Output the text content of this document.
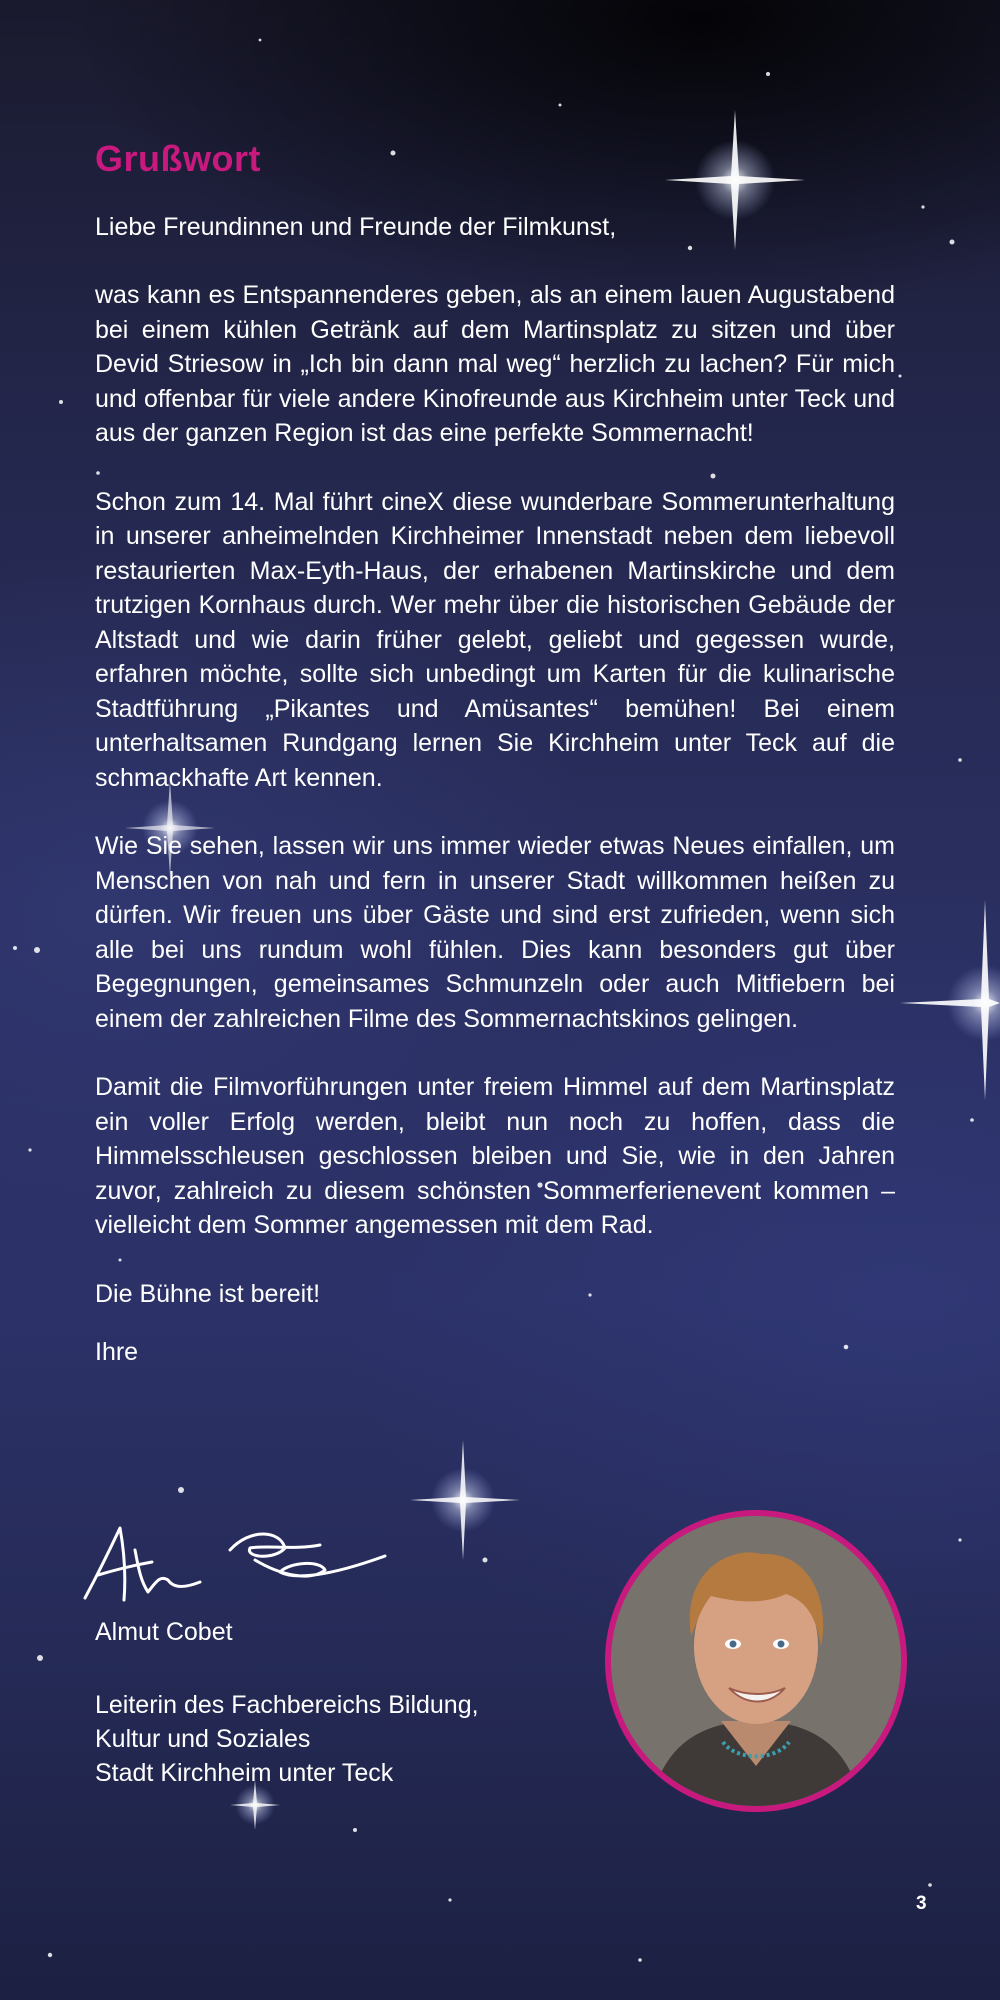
Grußwort

Liebe Freundinnen und Freunde der Filmkunst,

was kann es Entspannenderes geben, als an einem lauen Augustabend bei einem kühlen Getränk auf dem Martinsplatz zu sitzen und über Devid Striesow in „Ich bin dann mal weg“ herzlich zu lachen? Für mich und offenbar für viele andere Kinofreunde aus Kirchheim unter Teck und aus der ganzen Region ist das eine perfekte Sommernacht!

Schon zum 14. Mal führt cineX diese wunderbare Sommerunterhaltung in unserer anheimelnden Kirchheimer Innenstadt neben dem liebevoll restaurierten Max-Eyth-Haus, der erhabenen Martinskirche und dem trutzigen Kornhaus durch. Wer mehr über die historischen Gebäude der Altstadt und wie darin früher gelebt, geliebt und gegessen wurde, erfahren möchte, sollte sich unbedingt um Karten für die kulinarische Stadtführung „Pikantes und Amüsantes“ bemühen! Bei einem unterhaltsamen Rundgang lernen Sie Kirchheim unter Teck auf die schmackhafte Art kennen.

Wie Sie sehen, lassen wir uns immer wieder etwas Neues einfallen, um Menschen von nah und fern in unserer Stadt willkommen heißen zu dürfen. Wir freuen uns über Gäste und sind erst zufrieden, wenn sich alle bei uns rundum wohl fühlen. Dies kann besonders gut über Begegnungen, gemeinsames Schmunzeln oder auch Mitfiebern bei einem der zahlreichen Filme des Sommernachtskinos gelingen.

Damit die Filmvorführungen unter freiem Himmel auf dem Martinsplatz ein voller Erfolg werden, bleibt nun noch zu hoffen, dass die Himmelsschleusen geschlossen bleiben und Sie, wie in den Jahren zuvor, zahlreich zu diesem schönsten Sommerferienevent kommen – vielleicht dem Sommer angemessen mit dem Rad.

Die Bühne ist bereit!

Ihre

Almut Cobet
Leiterin des Fachbereichs Bildung,
Kultur und Soziales
Stadt Kirchheim unter Teck
3
